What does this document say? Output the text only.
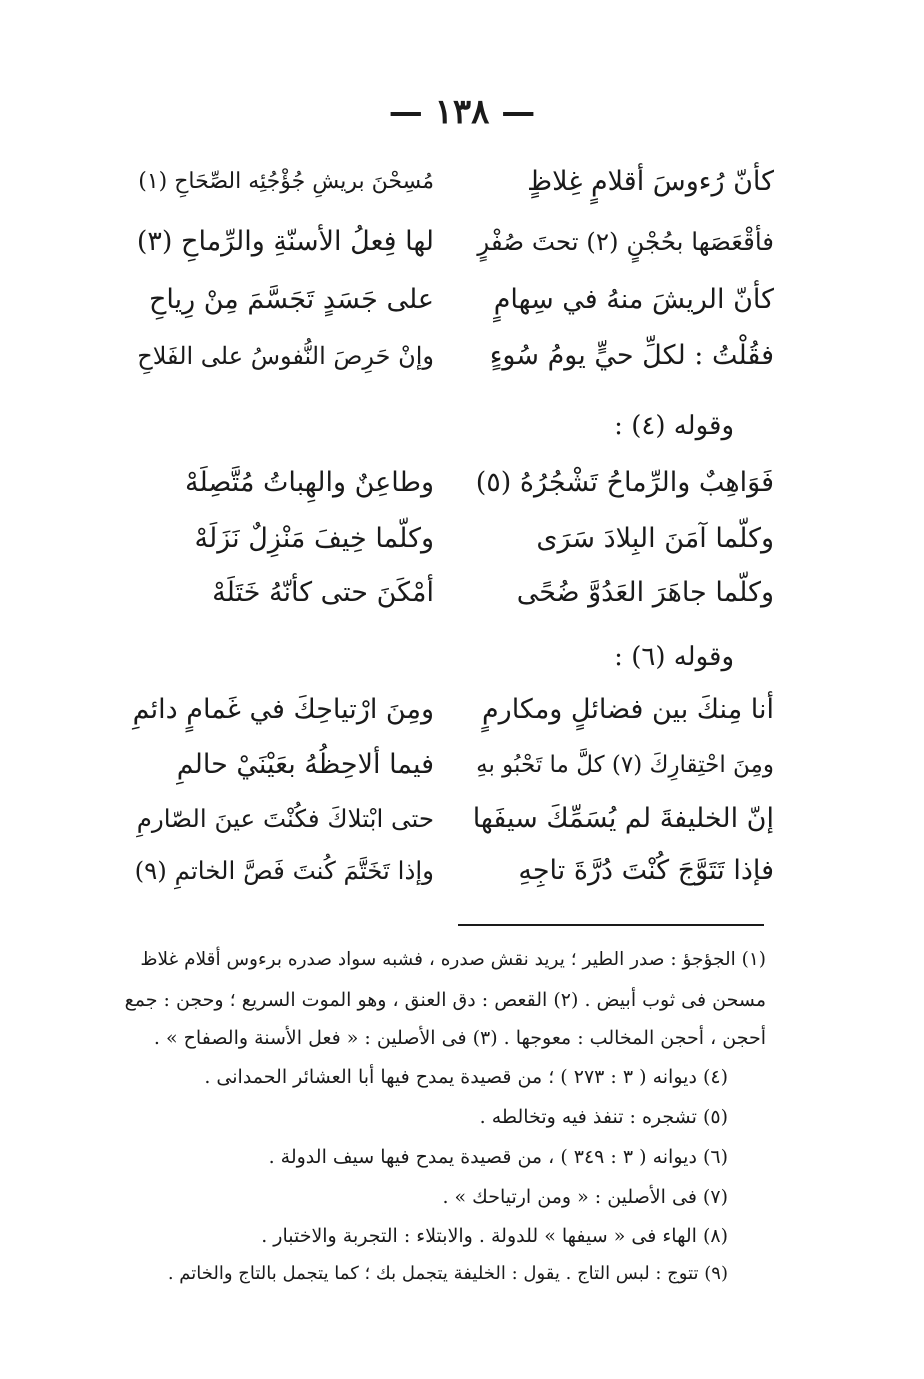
— ١٣٨ —
كأنّ رُءوسَ أقلامٍ غِلاظٍ
مُسِحْنَ بريشِ جُؤْجُئِه الصِّحَاحِ (١)
فأقْعَصَها بحُجْنٍ (٢) تحتَ صُفْرٍ
لها فِعلُ الأسنّةِ والرِّماحِ (٣)
كأنّ الريشَ منهُ في سِهامٍ
على جَسَدٍ تَجَسَّمَ مِنْ رِياحِ
فقُلْتُ : لكلِّ حيٍّ يومُ سُوءٍ
وإنْ حَرِصَ النُّفوسُ على الفَلاحِ
وقوله (٤) :
فَوَاهِبٌ والرِّماحُ تَشْجُرُهُ (٥)
وطاعِنٌ والهِباتُ مُتَّصِلَهْ
وكلّما آمَنَ البِلادَ سَرَى
وكلّما خِيفَ مَنْزِلٌ نَزَلَهْ
وكلّما جاهَرَ العَدُوَّ ضُحًى
أمْكَنَ حتى كأنّهُ خَتَلَهْ
وقوله (٦) :
أنا مِنكَ بين فضائلٍ ومكارمٍ
ومِنَ ارْتياحِكَ في غَمامٍ دائمِ
ومِنَ احْتِقارِكَ (٧) كلَّ ما تَحْبُو بهِ
فيما ألاحِظُهُ بعَيْنَيْ حالمِ
إنّ الخليفةَ لم يُسَمِّكَ سيفَها
حتى ابْتلاكَ فكُنْتَ عينَ الصّارمِ
فإذا تَتَوَّجَ كُنْتَ دُرَّةَ تاجِهِ
وإذا تَخَتَّمَ كُنتَ فَصَّ الخاتمِ (٩)
(١) الجؤجؤ : صدر الطير ؛ يريد نقش صدره ، فشبه سواد صدره برءوس أقلام غلاظ
مسحن فى ثوب أبيض . (٢) القعص : دق العنق ، وهو الموت السريع ؛ وحجن : جمع
أحجن ، أحجن المخالب : معوجها . (٣) فى الأصلين : « فعل الأسنة والصفاح » .
(٤) ديوانه ( ٣ : ٢٧٣ ) ؛ من قصيدة يمدح فيها أبا العشائر الحمدانى .
(٥) تشجره : تنفذ فيه وتخالطه .
(٦) ديوانه ( ٣ : ٣٤٩ ) ، من قصيدة يمدح فيها سيف الدولة .
(٧) فى الأصلين : « ومن ارتياحك » .
(٨) الهاء فى « سيفها » للدولة . والابتلاء : التجربة والاختبار .
(٩) تتوج : لبس التاج . يقول : الخليفة يتجمل بك ؛ كما يتجمل بالتاج والخاتم .
